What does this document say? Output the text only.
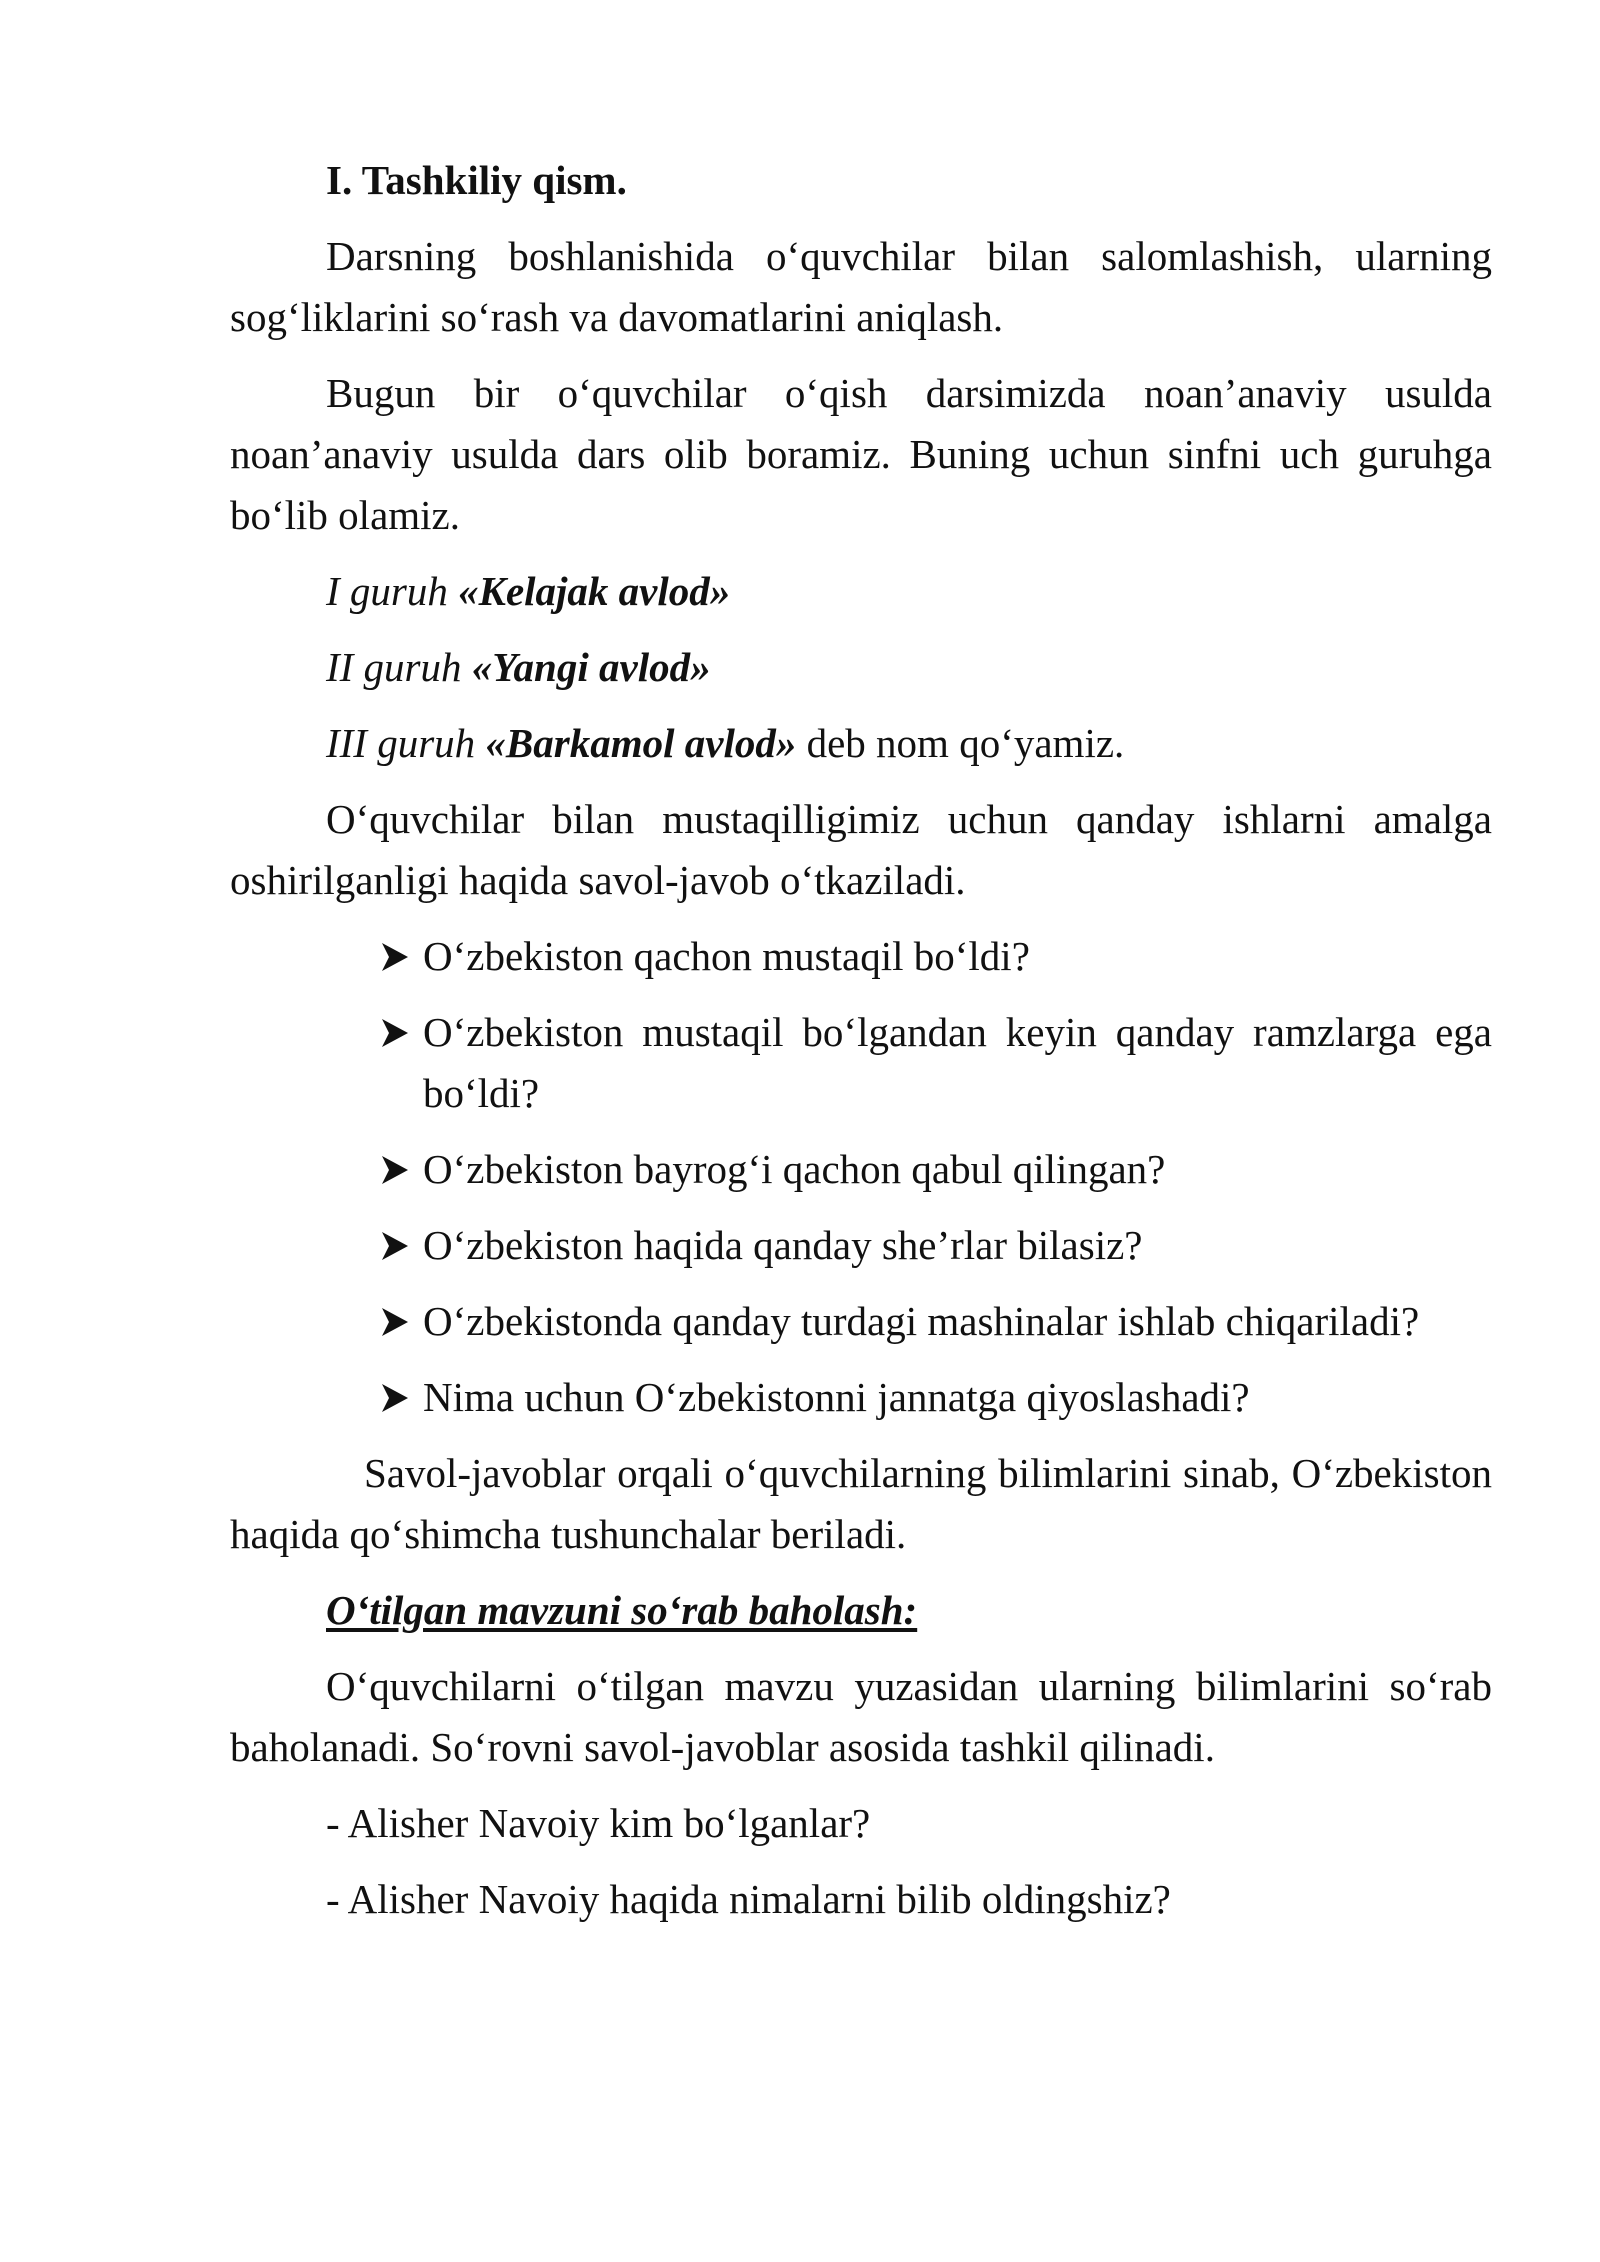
I. Tashkiliy qism.

Darsning boshlanishida o‘quvchilar bilan salomlashish, ularning sog‘liklarini so‘rash va davomatlarini aniqlash.

Bugun bir o‘quvchilar o‘qish darsimizda noan’anaviy usulda noan’anaviy usulda dars olib boramiz. Buning uchun sinfni uch guruhga bo‘lib olamiz.

I guruh «Kelajak avlod»
II guruh «Yangi avlod»
III guruh «Barkamol avlod» deb nom qo‘yamiz.

O‘quvchilar bilan mustaqilligimiz uchun qanday ishlarni amalga oshirilganligi haqida savol-javob o‘tkaziladi.

O‘zbekiston qachon mustaqil bo‘ldi?
O‘zbekiston mustaqil bo‘lgandan keyin qanday ramzlarga ega bo‘ldi?
O‘zbekiston bayrog‘i qachon qabul qilingan?
O‘zbekiston haqida qanday she’rlar bilasiz?
O‘zbekistonda qanday turdagi mashinalar ishlab chiqariladi?
Nima uchun O‘zbekistonni jannatga qiyoslashadi?

Savol-javoblar orqali o‘quvchilarning bilimlarini sinab, O‘zbekiston haqida qo‘shimcha tushunchalar beriladi.

O‘tilgan mavzuni so‘rab baholash:

O‘quvchilarni o‘tilgan mavzu yuzasidan ularning bilimlarini so‘rab baholanadi. So‘rovni savol-javoblar asosida tashkil qilinadi.

- Alisher Navoiy kim bo‘lganlar?
- Alisher Navoiy haqida nimalarni bilib oldingshiz?
